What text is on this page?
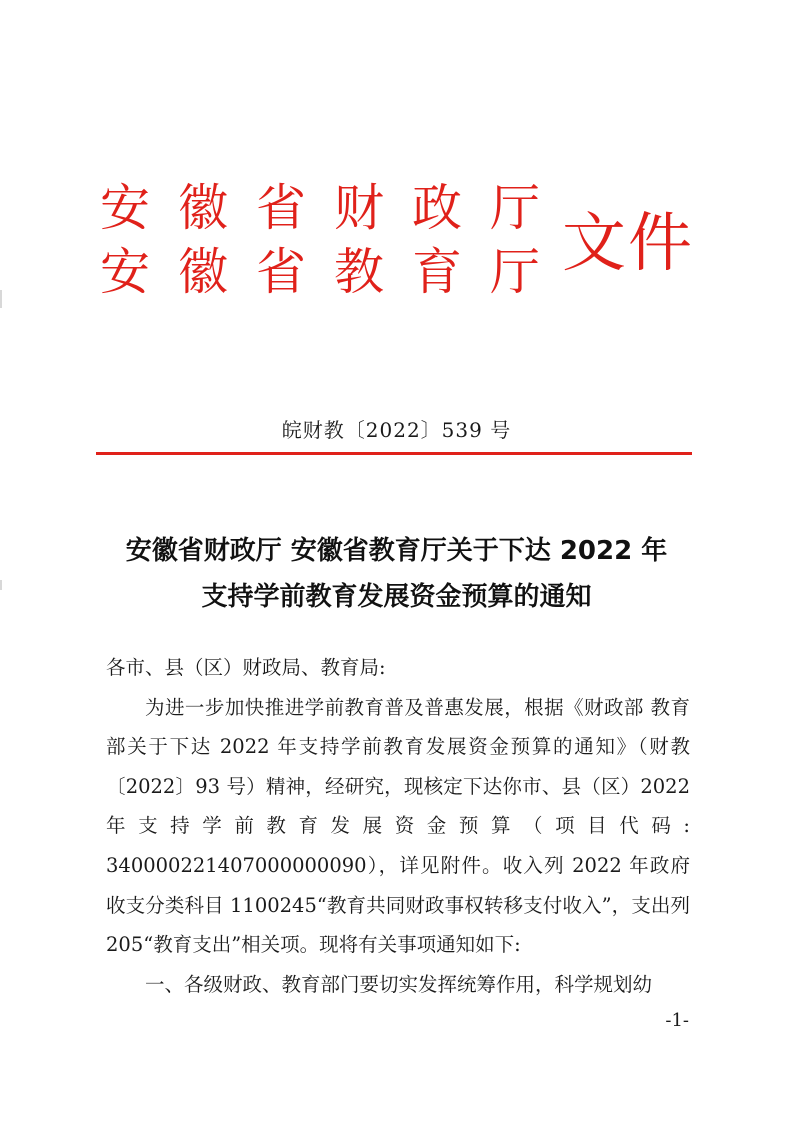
安徽省财政厅
安徽省教育厅
文件
皖财教〔2022〕539 号
安徽省财政厅 安徽省教育厅关于下达 2022 年
支持学前教育发展资金预算的通知

各市、县（区）财政局、教育局:

为进一步加快推进学前教育普及普惠发展，根据《财政部 教育部关于下达 2022 年支持学前教育发展资金预算的通知》（财教〔2022〕93 号）精神，经研究，现核定下达你市、县（区）2022 年支持学前教育发展资金预算（项目代码: 34000022140700000009​0），详见附件。收入列 2022 年政府收支分类科目 1100245“教育共同财政事权转移支付收入”，支出列 205“教育支出”相关项。现将有关事项通知如下:

一、各级财政、教育部门要切实发挥统筹作用，科学规划幼

-1-
